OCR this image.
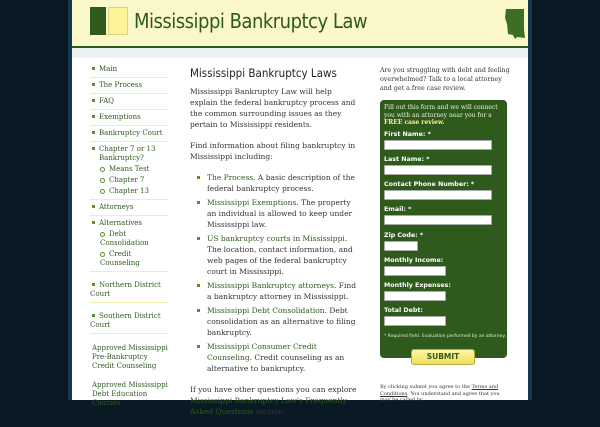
Mississippi Bankruptcy Law
Main
The Process
FAQ
Exemptions
Bankruptcy Court
Chapter 7 or 13 Bankruptcy?
Means Test
Chapter 7
Chapter 13
Attorneys
Alternatives
Debt Consolidation
Credit Counseling
Northern District Court
Southern District Court
Approved Mississippi Pre-Bankruptcy Credit Counseling
Approved Mississippi Debt Education Courses
Mississippi Bankruptcy Laws

Mississippi Bankruptcy Law will help explain the federal bankruptcy process and the common surrounding issues as they pertain to Mississippi residents.

Find information about filing bankruptcy in Mississippi including:

The Process. A basic description of the federal bankruptcy process.
Mississippi Exemptions. The property an individual is allowed to keep under Mississippi law.
US bankruptcy courts in Mississippi. The location, contact information, and web pages of the federal bankruptcy court in Mississippi.
Mississippi Bankruptcy attorneys. Find a bankruptcy attorney in Mississippi.
Mississippi Debt Consolidation. Debt consolidation as an alternative to filing bankruptcy.
Mississippi Consumer Credit Counseling. Credit counseling as an alternative to bankruptcy.

If you have other questions you can explore Mississippi Bankruptcy Law's Frequently Asked Questions section.

Are you struggling with debt and feeling overwhelmed? Talk to a local attorney and get a free case review.
Fill out this form and we will connect you with an attorney near you for a FREE case review.
First Name: *
Last Name: *
Contact Phone Number: *
Email: *
Zip Code: *
Monthly Income:
Monthly Expenses:
Total Debt:
* Required field. Evaluation performed by an attorney.
SUBMIT
By clicking submit you agree to the Terms and Conditions. You understand and agree that you may be called by
